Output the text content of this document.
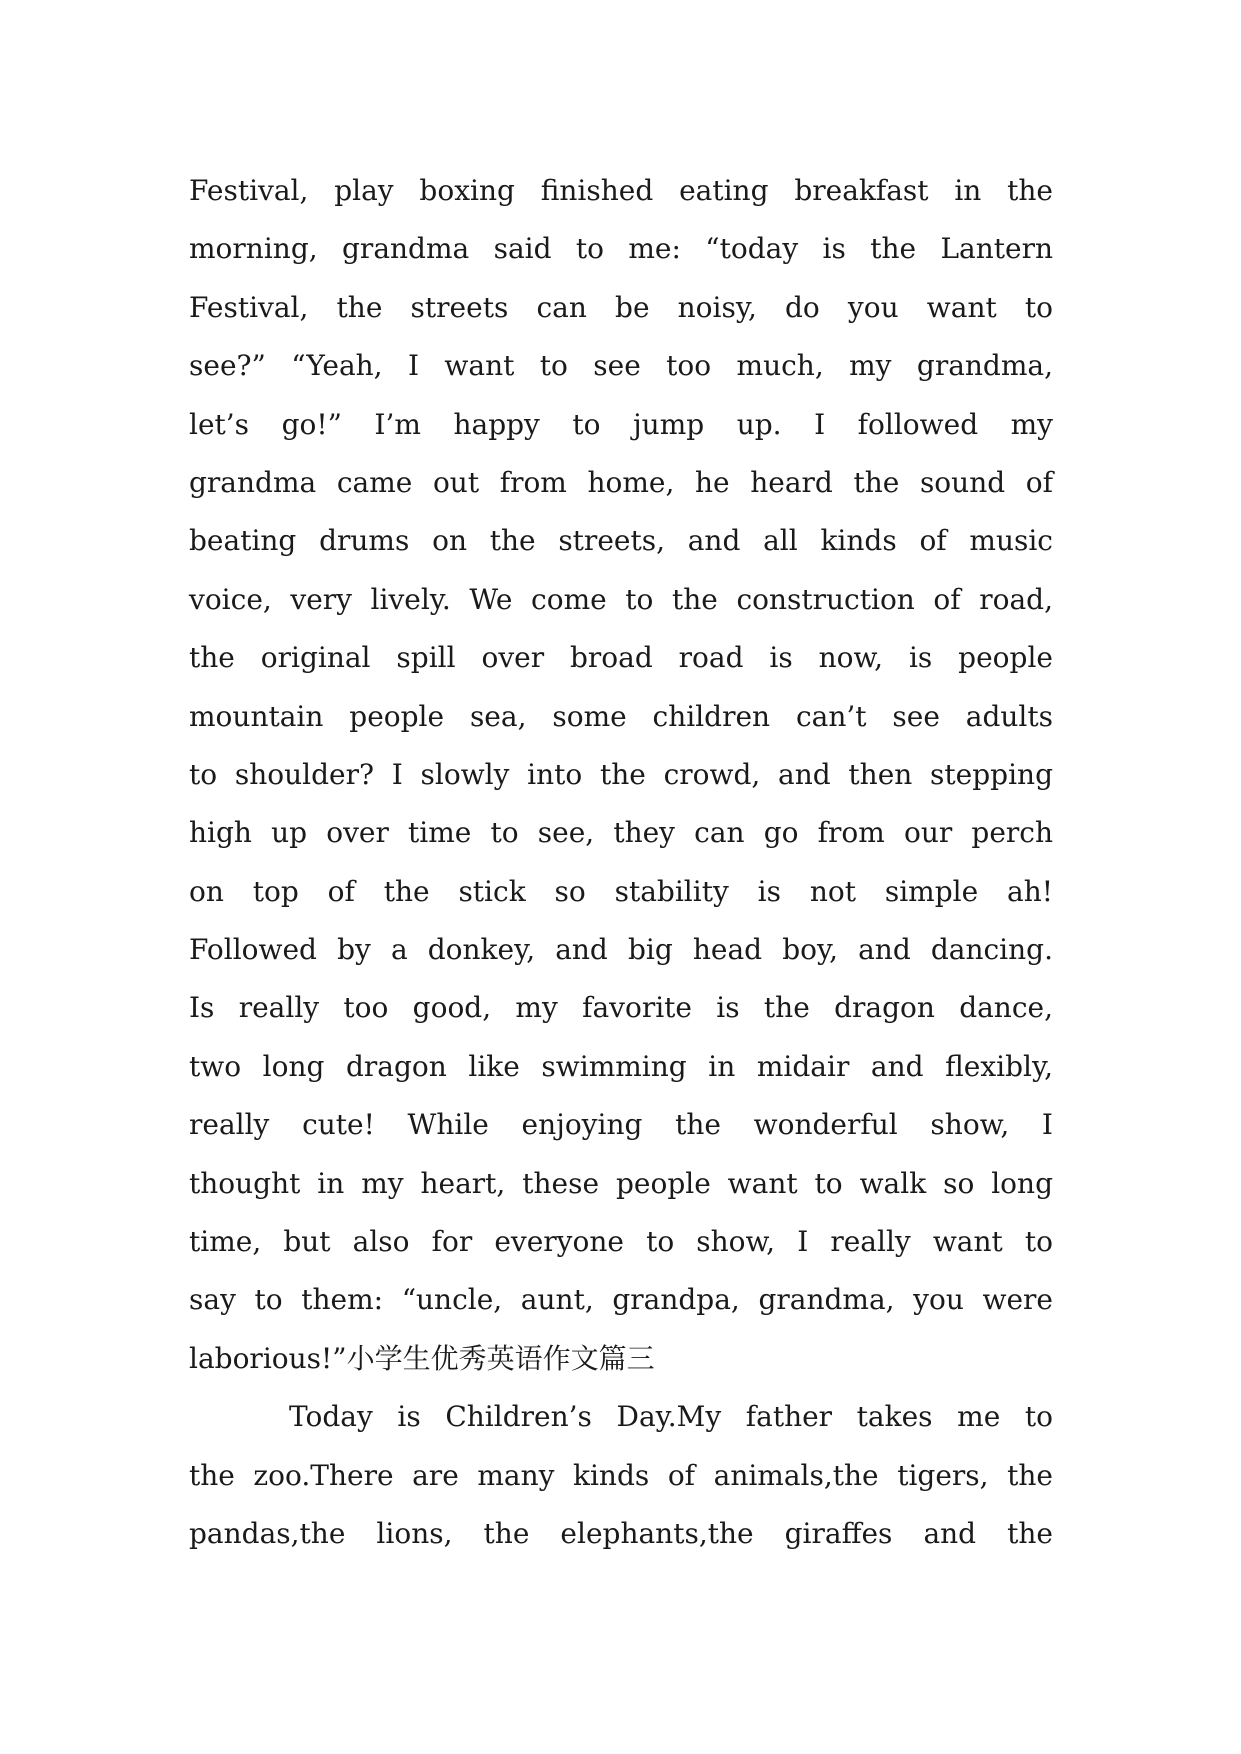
Festival, play boxing finished eating breakfast in the
morning, grandma said to me: “today is the Lantern
Festival, the streets can be noisy, do you want to
see?” “Yeah, I want to see too much, my grandma,
let’s go!” I’m happy to jump up. I followed my
grandma came out from home, he heard the sound of
beating drums on the streets, and all kinds of music
voice, very lively. We come to the construction of road,
the original spill over broad road is now, is people
mountain people sea, some children can’t see adults
to shoulder? I slowly into the crowd, and then stepping
high up over time to see, they can go from our perch
on top of the stick so stability is not simple ah!
Followed by a donkey, and big head boy, and dancing.
Is really too good, my favorite is the dragon dance,
two long dragon like swimming in midair and flexibly,
really cute! While enjoying the wonderful show, I
thought in my heart, these people want to walk so long
time, but also for everyone to show, I really want to
say to them: “uncle, aunt, grandpa, grandma, you were
laborious!”小学生优秀英语作文篇三
Today is Children’s Day.My father takes me to
the zoo.There are many kinds of animals,the tigers, the
pandas,the lions, the elephants,the giraffes and the
